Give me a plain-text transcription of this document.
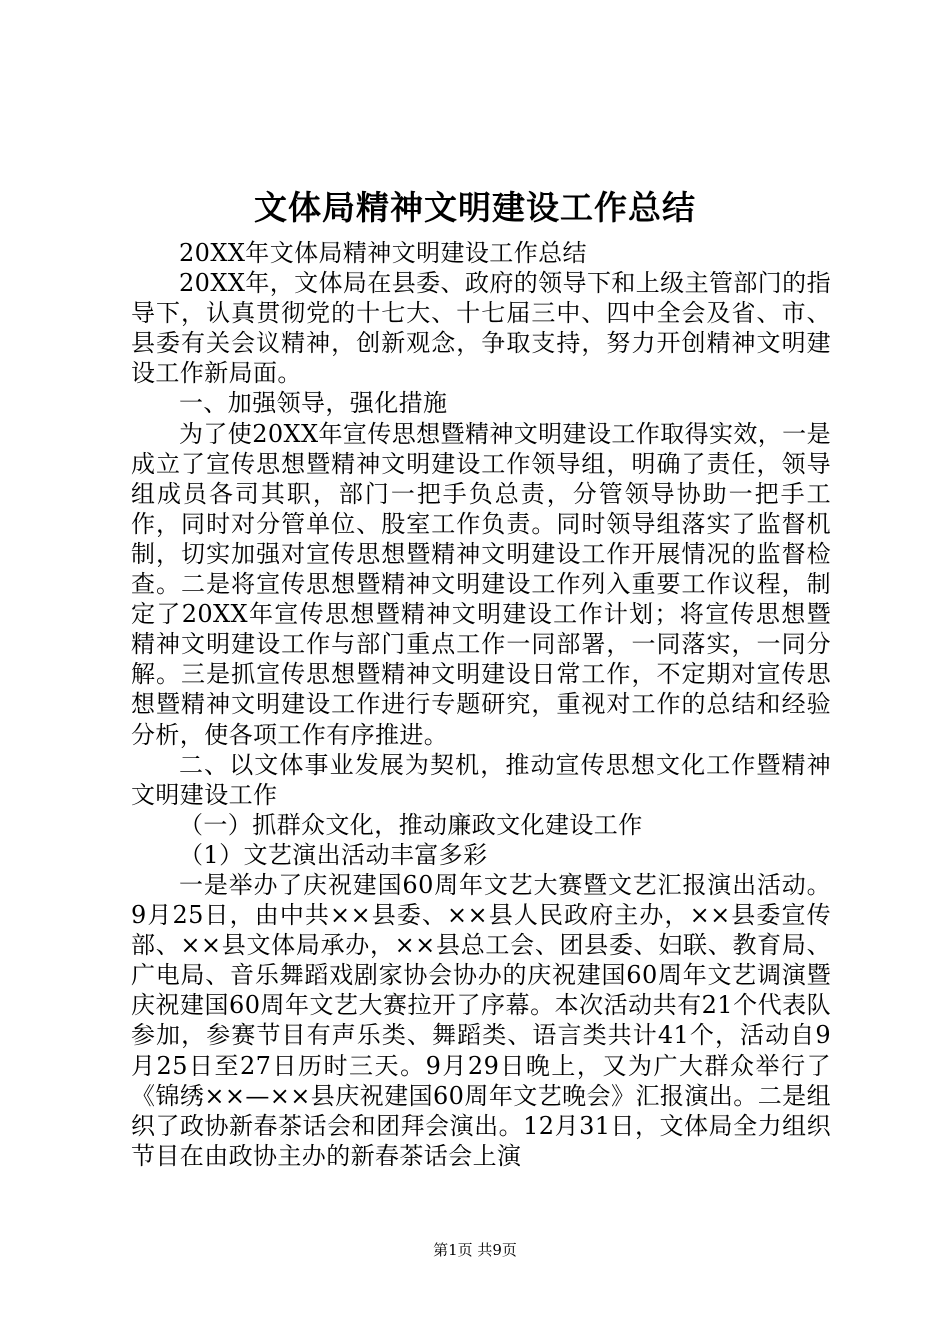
文体局精神文明建设工作总结

20XX年文体局精神文明建设工作总结

20XX年，文体局在县委、政府的领导下和上级主管部门的指导下，认真贯彻党的十七大、十七届三中、四中全会及省、市、县委有关会议精神，创新观念，争取支持，努力开创精神文明建设工作新局面。

一、加强领导，强化措施

为了使20XX年宣传思想暨精神文明建设工作取得实效，一是成立了宣传思想暨精神文明建设工作领导组，明确了责任，领导组成员各司其职，部门一把手负总责，分管领导协助一把手工作，同时对分管单位、股室工作负责。同时领导组落实了监督机制，切实加强对宣传思想暨精神文明建设工作开展情况的监督检查。二是将宣传思想暨精神文明建设工作列入重要工作议程，制定了20XX年宣传思想暨精神文明建设工作计划；将宣传思想暨精神文明建设工作与部门重点工作一同部署，一同落实，一同分解。三是抓宣传思想暨精神文明建设日常工作，不定期对宣传思想暨精神文明建设工作进行专题研究，重视对工作的总结和经验分析，使各项工作有序推进。

二、以文体事业发展为契机，推动宣传思想文化工作暨精神文明建设工作

（一）抓群众文化，推动廉政文化建设工作

（1）文艺演出活动丰富多彩

一是举办了庆祝建国60周年文艺大赛暨文艺汇报演出活动。9月25日，由中共××县委、××县人民政府主办，××县委宣传部、××县文体局承办，××县总工会、团县委、妇联、教育局、广电局、音乐舞蹈戏剧家协会协办的庆祝建国60周年文艺调演暨庆祝建国60周年文艺大赛拉开了序幕。本次活动共有21个代表队参加，参赛节目有声乐类、舞蹈类、语言类共计41个，活动自9月25日至27日历时三天。9月29日晚上，又为广大群众举行了《锦绣××—××县庆祝建国60周年文艺晚会》汇报演出。二是组织了政协新春茶话会和团拜会演出。12月31日，文体局全力组织节目在由政协主办的新春茶话会上演

第1页 共9页
